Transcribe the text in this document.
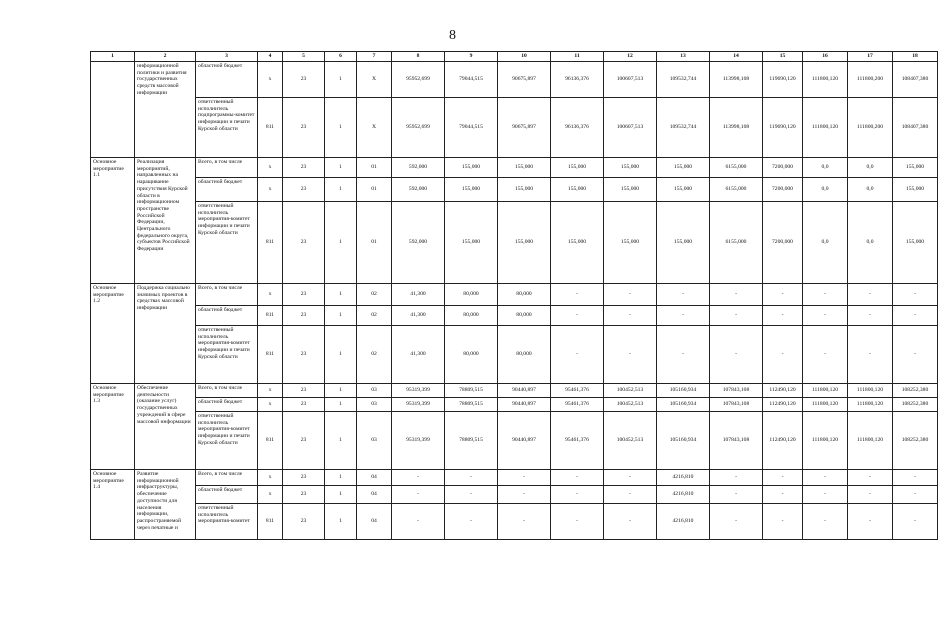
8
1	2	3	4	5	6	7	8	9	10	11	12	13	14	15	16	17	18
	информационной политики и развития государственных средств массовой информации	областной бюджет	х	23	1	Х	95952,699	79044,515	90675,897	96136,376	100607,513	109532,744	113998,108	119690,120	111800,120	111800,200	108407,380
		ответственный исполнитель подпрограммы-комитет информации и печати Курской области	811	23	1	Х	95952,699	79044,515	90675,897	96136,376	100607,513	109532,744	113998,108	119690,120	111800,120	111800,200	108407,380
Основное мероприятие 1.1	Реализация мероприятий, направленных на наращивание присутствия Курской области в информационном пространстве Российской Федерации, Центрального федерального округа, субъектов Российской Федерации	Всего, в том числе	х	23	1	01	592,000	155,000	155,000	155,000	155,000	155,000	6155,000	7200,000	0,0	0,0	155,000
		областной бюджет	х	23	1	01	592,000	155,000	155,000	155,000	155,000	155,000	6155,000	7200,000	0,0	0,0	155,000
		ответственный исполнитель мероприятия-комитет информации и печати Курской области	811	23	1	01	592,000	155,000	155,000	155,000	155,000	155,000	6155,000	7200,000	0,0	0,0	155,000
Основное мероприятие 1.2	Поддержка социально значимых проектов в средствах массовой информации	Всего, в том числе	х	23	1	02	41,300	80,000	80,000	-	-	-	-	-	-	-	-
		областной бюджет	811	23	1	02	41,300	80,000	80,000	-	-	-	-	-	-	-	-
		ответственный исполнитель мероприятия-комитет информации и печати Курской области	811	23	1	02	41,300	80,000	80,000	-	-	-	-	-	-	-	-
Основное мероприятие 1.3	Обеспечение деятельности (оказание услуг) государственных учреждений в сфере массовой информации	Всего, в том числе	х	23	1	03	95319,399	78809,515	90440,897	95461,376	100452,513	105160,934	107843,108	112490,120	111800,120	111800,120	108252,380
		областной бюджет	х	23	1	03	95319,399	78809,515	90440,897	95461,376	100452,513	105160,934	107843,108	112490,120	111800,120	111800,120	108252,380
		ответственный исполнитель мероприятия-комитет информации и печати Курской области	811	23	1	03	95319,399	78809,515	90440,897	95461,376	100452,513	105160,934	107843,108	112490,120	111800,120	111800,120	108252,380
Основное мероприятие 1.4	Развитие информационной инфраструктуры, обеспечение доступности для населения информации, распространяемой через печатные и	Всего, в том числе	х	23	1	04	-	-	-	-	-	4216,810	-	-	-	-	-
		областной бюджет	х	23	1	04	-	-	-	-	-	4216,810	-	-	-	-	-
		ответственный исполнитель мероприятия-комитет	811	23	1	04	-	-	-	-	-	4216,810	-	-	-	-	-
